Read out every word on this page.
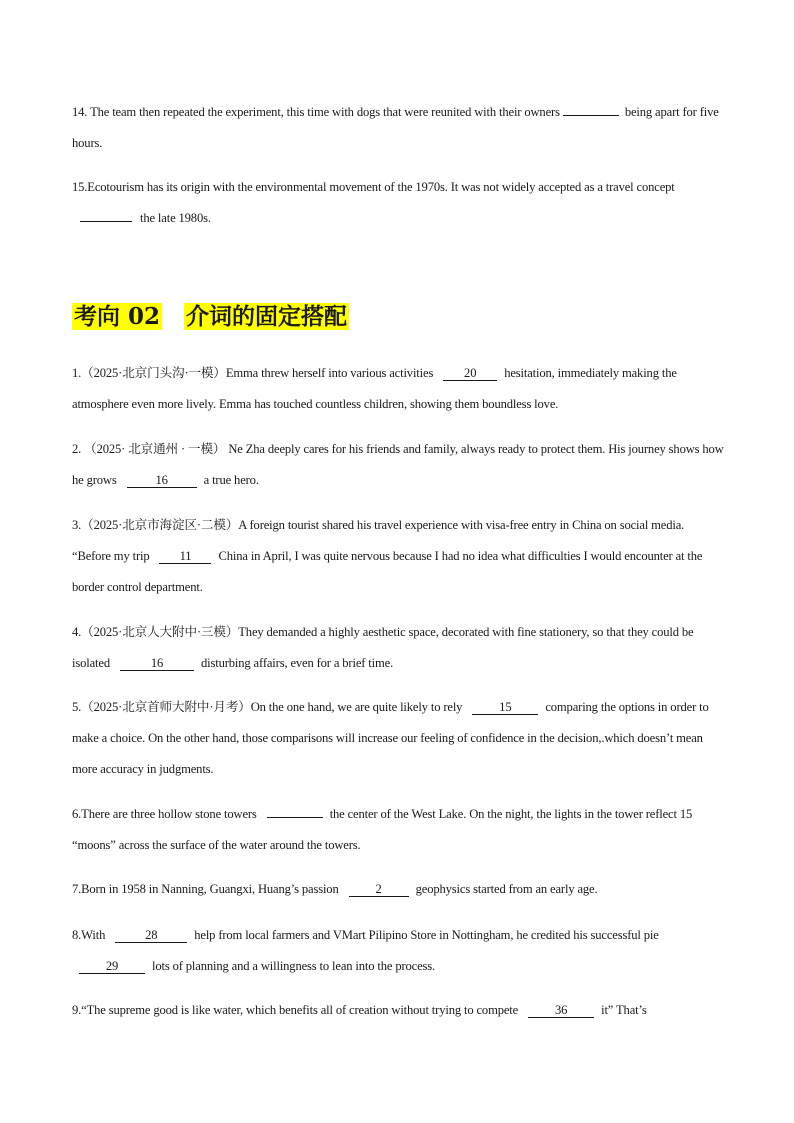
14. The team then repeated the experiment, this time with dogs that were reunited with their owners	being apart for five hours.
15.Ecotourism has its origin with the environmental movement of the 1970s. It was not widely accepted as a travel conceptthe late 1980s.
考向 02 介词的固定搭配
1.（2025·北京门头沟·一模）Emma threw herself into various activities 20 hesitation, immediately making the atmosphere even more lively. Emma has touched countless children, showing them boundless love.
2. （2025· 北京通州 · 一模） Ne Zha deeply cares for his friends and family, always ready to protect them. His journey shows how he grows	16	a true hero.
3.（2025·北京市海淀区·二模）A foreign tourist shared his travel experience with visa-free entry in China on social media. “Before my trip 11 China in April, I was quite nervous because I had no idea what difficulties I would encounter at the border control department.
4.（2025·北京人大附中·三模）They demanded a highly aesthetic space, decorated with fine stationery, so that they could be isolated	16	disturbing affairs, even for a brief time.
5.（2025·北京首师大附中·月考）On the one hand, we are quite likely to rely	15	comparing the options in order to make a choice. On the other hand, those comparisons will increase our feeling of confidence in the decision,.which doesn’t mean more accuracy in judgments.
6.There are three hollow stone towers	the center of the West Lake. On the night, the lights in the tower reflect 15 “moons” across the surface of the water around the towers.
7.Born in 1958 in Nanning, Guangxi, Huang’s passion	2	geophysics started from an early age.
8.With	28	help from local farmers and VMart Pilipino Store in Nottingham, he credited his successful pie 29	lots of planning and a willingness to lean into the process.
9.“The supreme good is like water, which benefits all of creation without trying to compete	36	it” That’s
